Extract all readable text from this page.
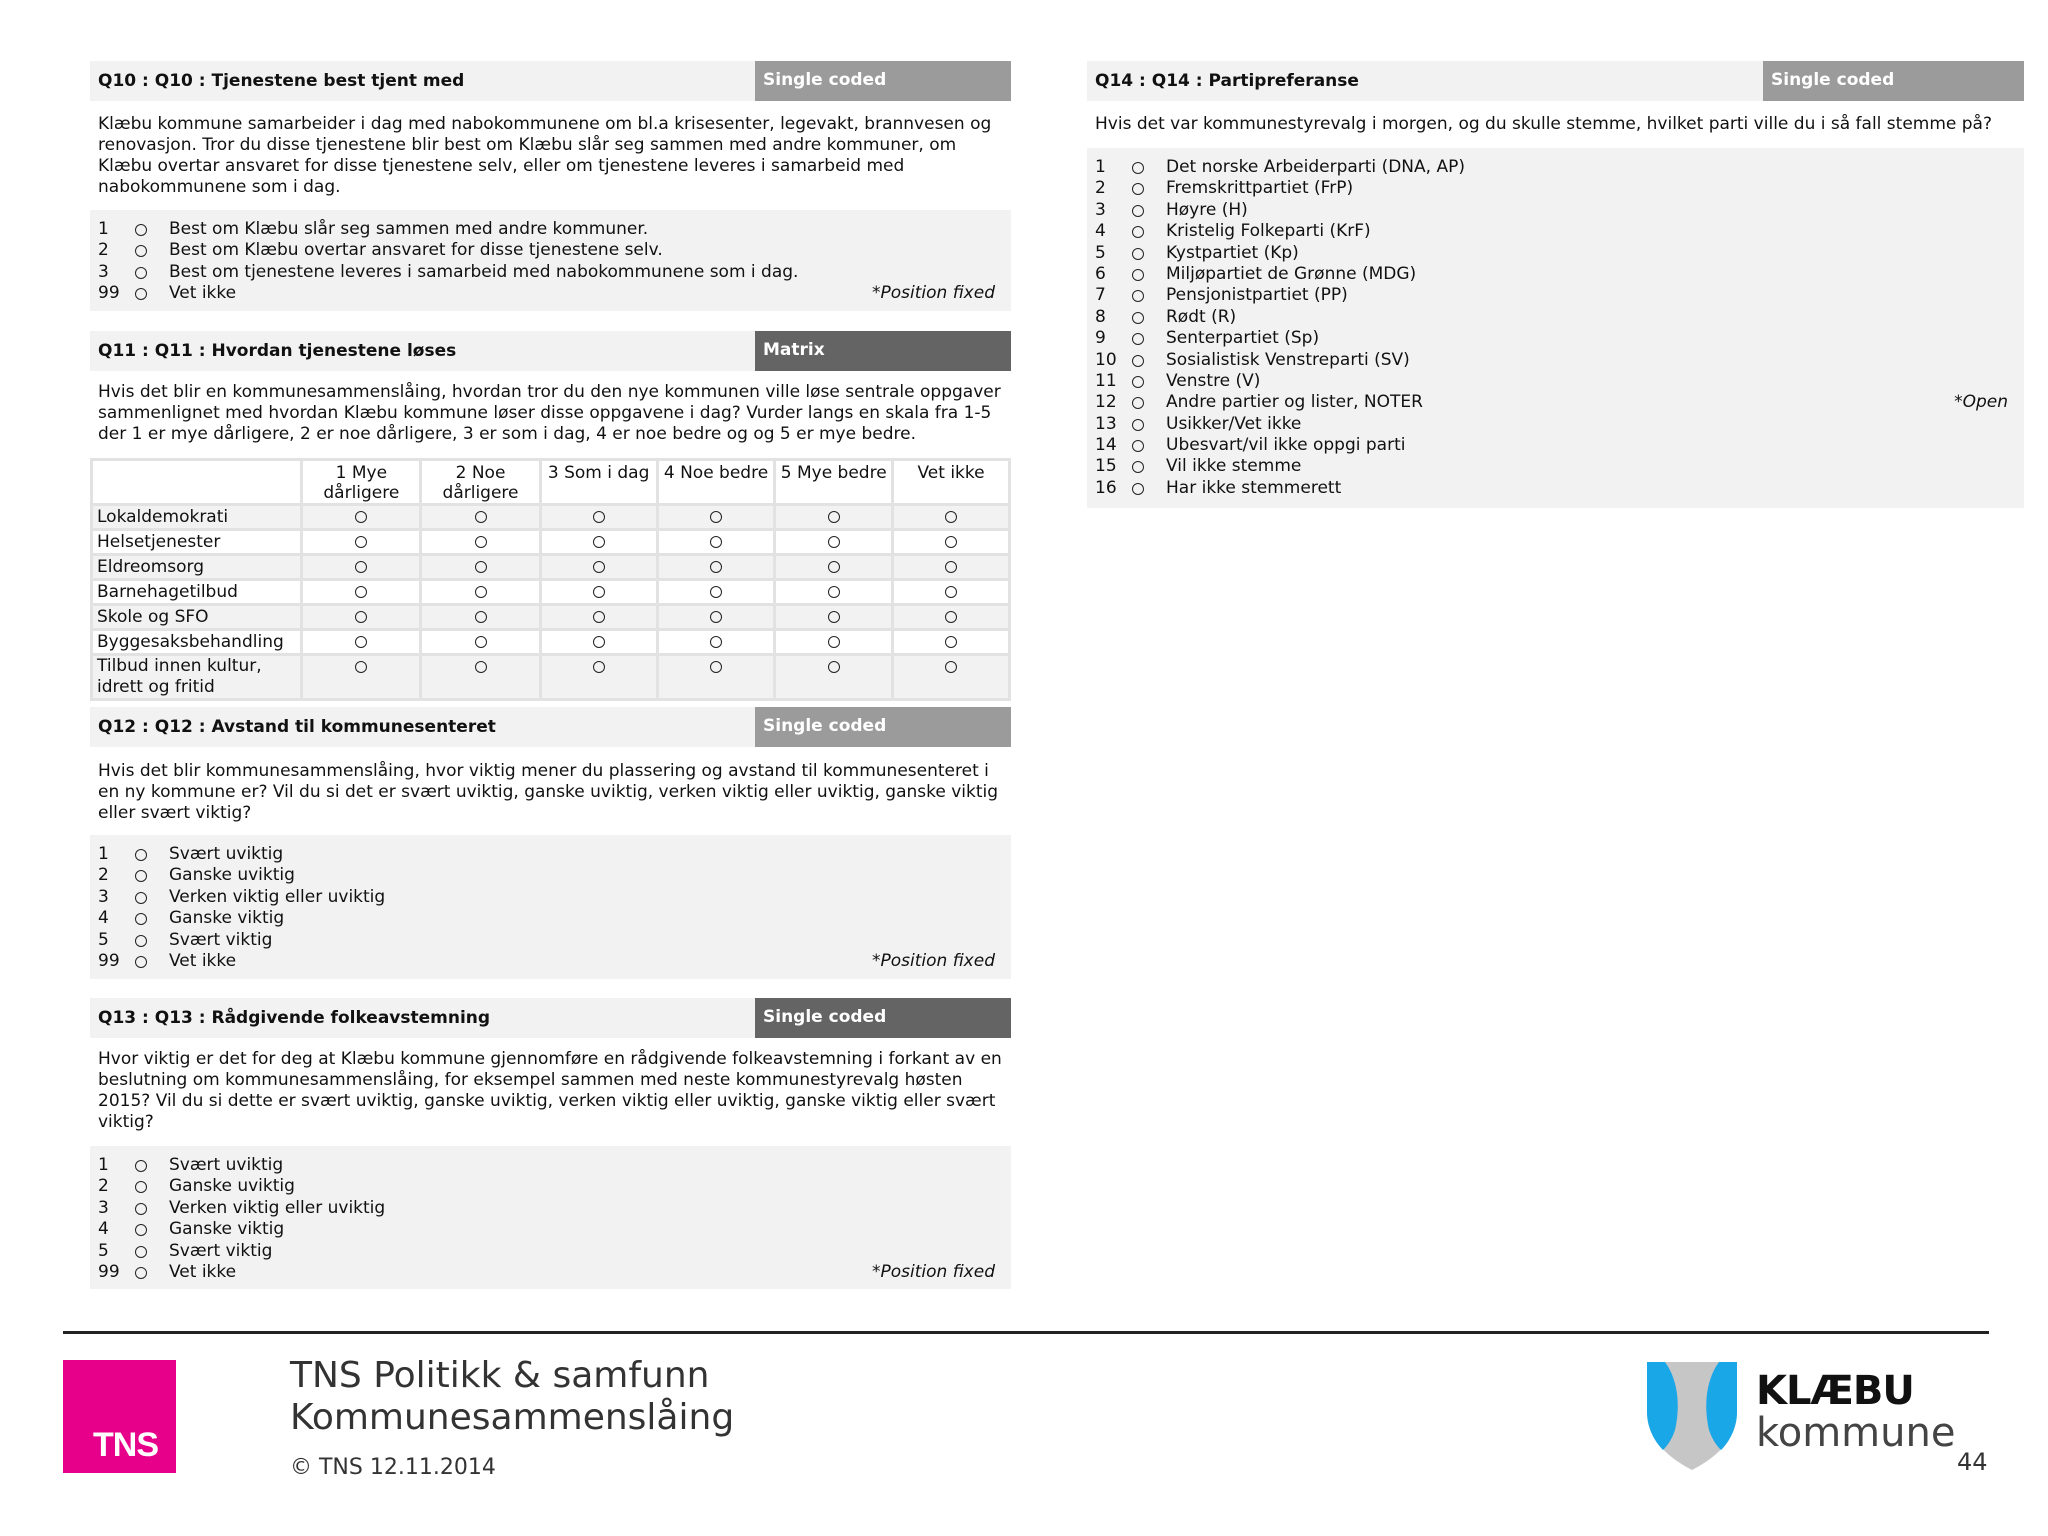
Q10 : Q10 : Tjenestene best tjent med	Single coded
Klæbu kommune samarbeider i dag med nabokommunene om bl.a krisesenter, legevakt, brannvesen og renovasjon. Tror du disse tjenestene blir best om Klæbu slår seg sammen med andre kommuner, om Klæbu overtar ansvaret for disse tjenestene selv, eller om tjenestene leveres i samarbeid med nabokommunene som i dag.
1	Best om Klæbu slår seg sammen med andre kommuner.
2	Best om Klæbu overtar ansvaret for disse tjenestene selv.
3	Best om tjenestene leveres i samarbeid med nabokommunene som i dag.
99	Vet ikke	*Position fixed
Q11 : Q11 : Hvordan tjenestene løses	Matrix
Hvis det blir en kommunesammenslåing, hvordan tror du den nye kommunen ville løse sentrale oppgaver sammenlignet med hvordan Klæbu kommune løser disse oppgavene i dag? Vurder langs en skala fra 1-5 der 1 er mye dårligere, 2 er noe dårligere, 3 er som i dag, 4 er noe bedre og og 5 er mye bedre.
	1 Mye dårligere	2 Noe dårligere	3 Som i dag	4 Noe bedre	5 Mye bedre	Vet ikke
Lokaldemokrati						
Helsetjenester						
Eldreomsorg						
Barnehagetilbud						
Skole og SFO						
Byggesaksbehandling						
Tilbud innen kultur, idrett og fritid						
Q12 : Q12 : Avstand til kommunesenteret	Single coded
Hvis det blir kommunesammenslåing, hvor viktig mener du plassering og avstand til kommunesenteret i en ny kommune er? Vil du si det er svært uviktig, ganske uviktig, verken viktig eller uviktig, ganske viktig eller svært viktig?
1	Svært uviktig
2	Ganske uviktig
3	Verken viktig eller uviktig
4	Ganske viktig
5	Svært viktig
99	Vet ikke	*Position fixed
Q13 : Q13 : Rådgivende folkeavstemning	Single coded
Hvor viktig er det for deg at Klæbu kommune gjennomføre en rådgivende folkeavstemning i forkant av en beslutning om kommunesammenslåing, for eksempel sammen med neste kommunestyrevalg høsten 2015? Vil du si dette er svært uviktig, ganske uviktig, verken viktig eller uviktig, ganske viktig eller svært viktig?
1	Svært uviktig
2	Ganske uviktig
3	Verken viktig eller uviktig
4	Ganske viktig
5	Svært viktig
99	Vet ikke	*Position fixed
Q14 : Q14 : Partipreferanse	Single coded
Hvis det var kommunestyrevalg i morgen, og du skulle stemme, hvilket parti ville du i så fall stemme på?
1	Det norske Arbeiderparti (DNA, AP)
2	Fremskrittpartiet (FrP)
3	Høyre (H)
4	Kristelig Folkeparti (KrF)
5	Kystpartiet (Kp)
6	Miljøpartiet de Grønne (MDG)
7	Pensjonistpartiet (PP)
8	Rødt (R)
9	Senterpartiet (Sp)
10	Sosialistisk Venstreparti (SV)
11	Venstre (V)
12	Andre partier og lister, NOTER	*Open
13	Usikker/Vet ikke
14	Ubesvart/vil ikke oppgi parti
15	Vil ikke stemme
16	Har ikke stemmerett
TNS
TNS Politikk & samfunn
Kommunesammenslåing
© TNS 12.11.2014
KLÆBU
kommune
44
